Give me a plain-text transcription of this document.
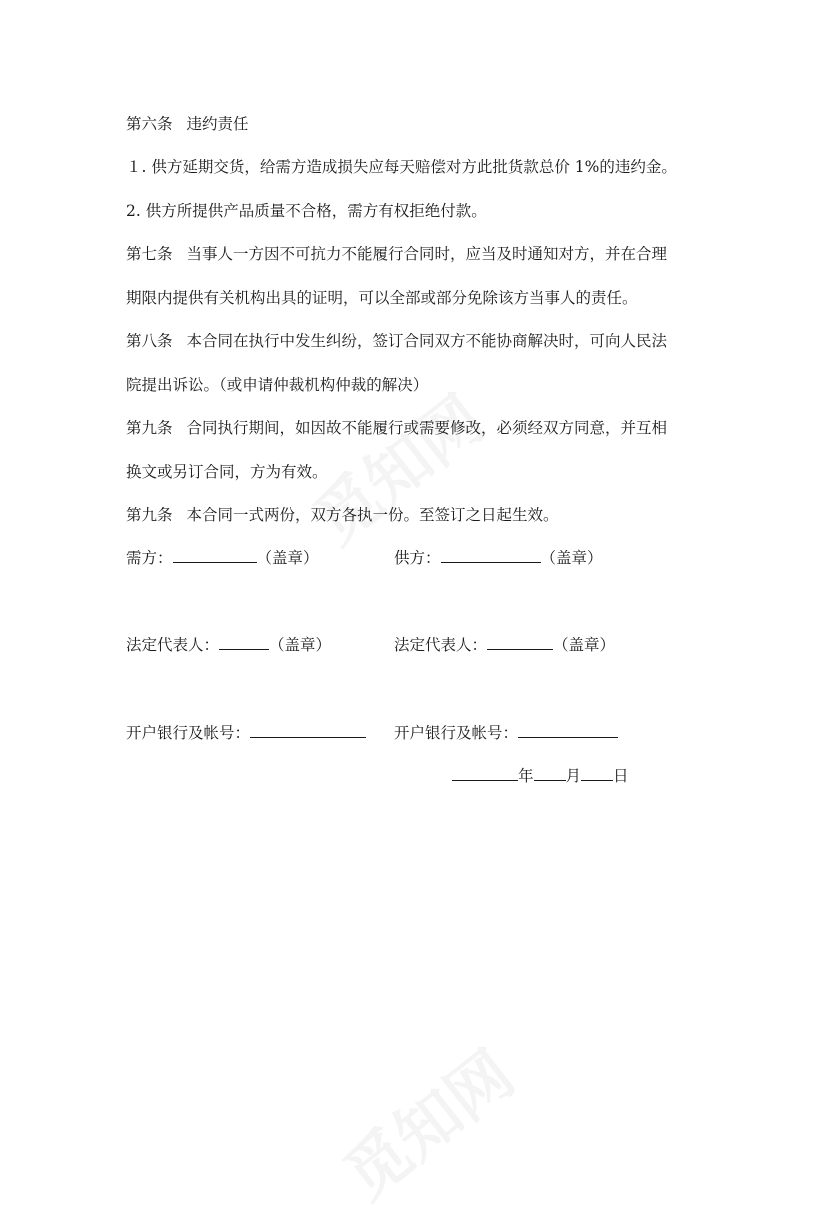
第六条 违约责任
１. 供方延期交货，给需方造成损失应每天赔偿对方此批货款总价 1%的违约金。
2. 供方所提供产品质量不合格，需方有权拒绝付款。
第七条 当事人一方因不可抗力不能履行合同时，应当及时通知对方，并在合理
期限内提供有关机构出具的证明，可以全部或部分免除该方当事人的责任。
第八条 本合同在执行中发生纠纷，签订合同双方不能协商解决时，可向人民法
院提出诉讼。（或申请仲裁机构仲裁的解决）
第九条 合同执行期间，如因故不能履行或需要修改，必须经双方同意，并互相
换文或另订合同，方为有效。
第九条 本合同一式两份，双方各执一份。至签订之日起生效。
需方：	（盖章）	供方：	（盖章）
法定代表人：	（盖章）	法定代表人：	（盖章）
开户银行及帐号：	开户银行及帐号：
年 月 日
